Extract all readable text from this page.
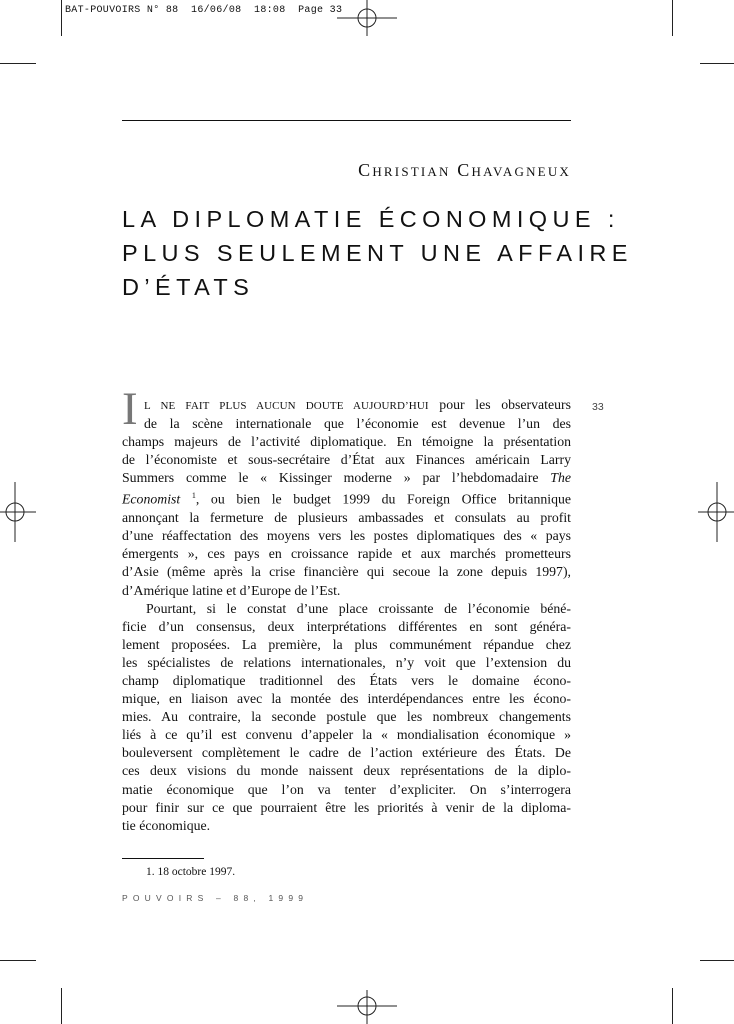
BAT-POUVOIRS N° 88  16/06/08  18:08  Page 33
Christian Chavagneux
LA DIPLOMATIE ÉCONOMIQUE :
PLUS SEULEMENT UNE AFFAIRE
D’ÉTATS
33
I L NE FAIT PLUS AUCUN DOUTE AUJOURD’HUI pour les observateurs
de la scène internationale que l’économie est devenue l’un des
champs majeurs de l’activité diplomatique. En témoigne la présentation
de l’économiste et sous-secrétaire d’État aux Finances américain Larry
Summers comme le « Kissinger moderne » par l’hebdomadaire The
Economist $^1$, ou bien le budget 1999 du Foreign Office britannique
annonçant la fermeture de plusieurs ambassades et consulats au profit
d’une réaffectation des moyens vers les postes diplomatiques des « pays
émergents », ces pays en croissance rapide et aux marchés prometteurs
d’Asie (même après la crise financière qui secoue la zone depuis 1997),
d’Amérique latine et d’Europe de l’Est.
Pourtant, si le constat d’une place croissante de l’économie béné-
ficie d’un consensus, deux interprétations différentes en sont généra-
lement proposées. La première, la plus communément répandue chez
les spécialistes de relations internationales, n’y voit que l’extension du
champ diplomatique traditionnel des États vers le domaine écono-
mique, en liaison avec la montée des interdépendances entre les écono-
mies. Au contraire, la seconde postule que les nombreux changements
liés à ce qu’il est convenu d’appeler la « mondialisation économique »
bouleversent complètement le cadre de l’action extérieure des États. De
ces deux visions du monde naissent deux représentations de la diplo-
matie économique que l’on va tenter d’expliciter. On s’interrogera
pour finir sur ce que pourraient être les priorités à venir de la diploma-
tie économique.
1. 18 octobre 1997.
POUVOIRS – 88, 1999
